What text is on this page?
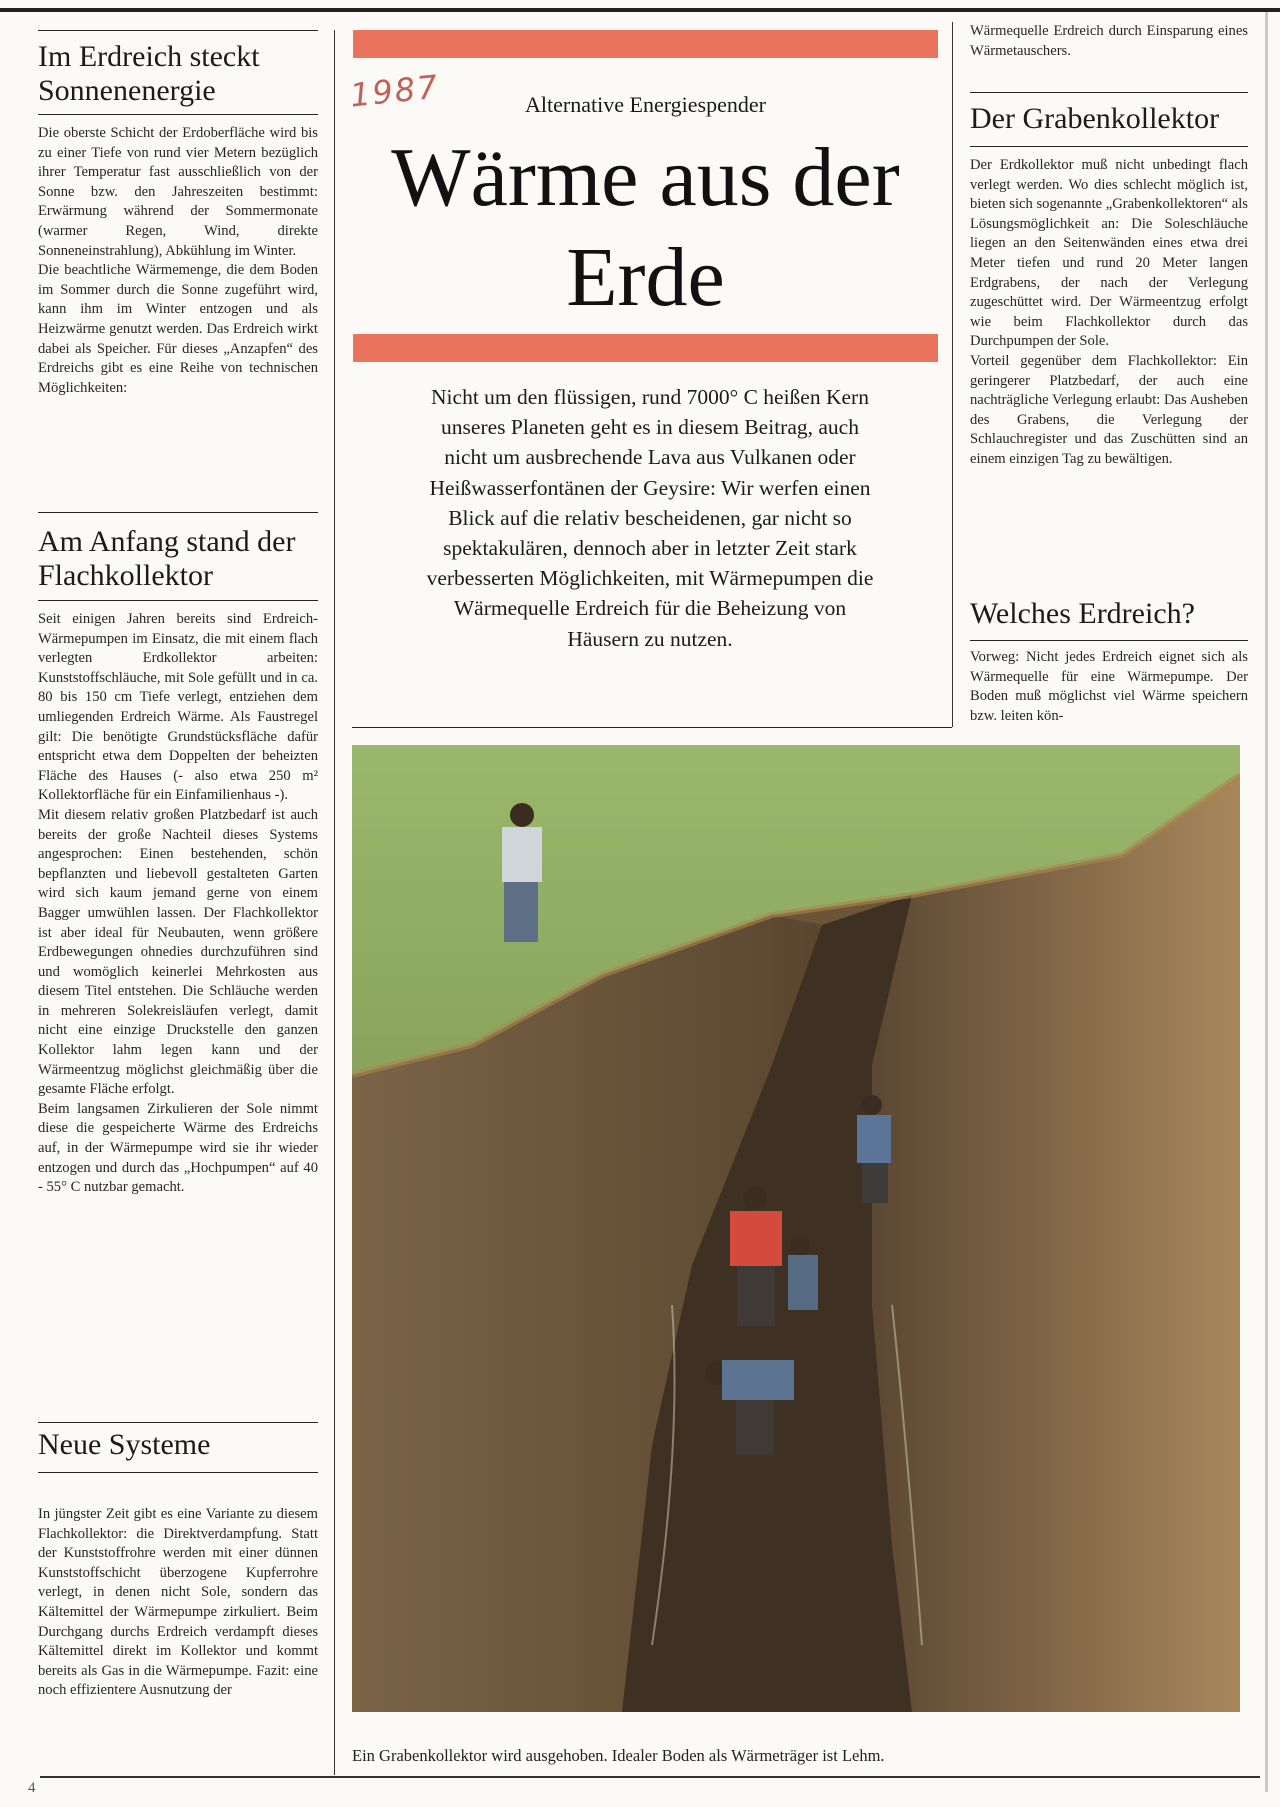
Im Erdreich steckt Sonnenenergie

Die oberste Schicht der Erdoberfläche wird bis zu einer Tiefe von rund vier Metern bezüglich ihrer Temperatur fast ausschließlich von der Sonne bzw. den Jahreszeiten bestimmt: Erwärmung während der Sommermonate (warmer Regen, Wind, direkte Sonneneinstrahlung), Abkühlung im Winter.

Die beachtliche Wärmemenge, die dem Boden im Sommer durch die Sonne zugeführt wird, kann ihm im Winter entzogen und als Heizwärme genutzt werden. Das Erdreich wirkt dabei als Speicher. Für dieses „Anzapfen“ des Erdreichs gibt es eine Reihe von technischen Möglichkeiten:

Am Anfang stand der Flachkollektor

Seit einigen Jahren bereits sind Erdreich-Wärmepumpen im Einsatz, die mit einem flach verlegten Erdkollektor arbeiten: Kunststoffschläuche, mit Sole gefüllt und in ca. 80 bis 150 cm Tiefe verlegt, entziehen dem umliegenden Erdreich Wärme. Als Faustregel gilt: Die benötigte Grundstücksfläche dafür entspricht etwa dem Doppelten der beheizten Fläche des Hauses (- also etwa 250 m² Kollektorfläche für ein Einfamilienhaus -).

Mit diesem relativ großen Platzbedarf ist auch bereits der große Nachteil dieses Systems angesprochen: Einen bestehenden, schön bepflanzten und liebevoll gestalteten Garten wird sich kaum jemand gerne von einem Bagger umwühlen lassen. Der Flachkollektor ist aber ideal für Neubauten, wenn größere Erdbewegungen ohnedies durchzuführen sind und womöglich keinerlei Mehrkosten aus diesem Titel entstehen. Die Schläuche werden in mehreren Solekreisläufen verlegt, damit nicht eine einzige Druckstelle den ganzen Kollektor lahm legen kann und der Wärmeentzug möglichst gleichmäßig über die gesamte Fläche erfolgt.

Beim langsamen Zirkulieren der Sole nimmt diese die gespeicherte Wärme des Erdreichs auf, in der Wärmepumpe wird sie ihr wieder entzogen und durch das „Hochpumpen“ auf 40 - 55° C nutzbar gemacht.

Neue Systeme

In jüngster Zeit gibt es eine Variante zu diesem Flachkollektor: die Direktverdampfung. Statt der Kunststoffrohre werden mit einer dünnen Kunststoffschicht überzogene Kupferrohre verlegt, in denen nicht Sole, sondern das Kältemittel der Wärmepumpe zirkuliert. Beim Durchgang durchs Erdreich verdampft dieses Kältemittel direkt im Kollektor und kommt bereits als Gas in die Wärmepumpe. Fazit: eine noch effizientere Ausnutzung der

1987	Alternative Energiespender
Wärme aus der Erde
Nicht um den flüssigen, rund 7000° C heißen Kern unseres Planeten geht es in diesem Beitrag, auch nicht um ausbrechende Lava aus Vulkanen oder Heißwasserfontänen der Geysire: Wir werfen einen Blick auf die relativ bescheidenen, gar nicht so spektakulären, dennoch aber in letzter Zeit stark verbesserten Möglichkeiten, mit Wärmepumpen die Wärmequelle Erdreich für die Beheizung von Häusern zu nutzen.
Wärmequelle Erdreich durch Einsparung eines Wärmetauschers.
Der Grabenkollektor

Der Erdkollektor muß nicht unbedingt flach verlegt werden. Wo dies schlecht möglich ist, bieten sich sogenannte „Grabenkollektoren“ als Lösungsmöglichkeit an: Die Soleschläuche liegen an den Seitenwänden eines etwa drei Meter tiefen und rund 20 Meter langen Erdgrabens, der nach der Verlegung zugeschüttet wird. Der Wärmeentzug erfolgt wie beim Flachkollektor durch das Durchpumpen der Sole.

Vorteil gegenüber dem Flachkollektor: Ein geringerer Platzbedarf, der auch eine nachträgliche Verlegung erlaubt: Das Ausheben des Grabens, die Verlegung der Schlauchregister und das Zuschütten sind an einem einzigen Tag zu bewältigen.

Welches Erdreich?

Vorweg: Nicht jedes Erdreich eignet sich als Wärmequelle für eine Wärmepumpe. Der Boden muß möglichst viel Wärme speichern bzw. leiten kön-

Ein Grabenkollektor wird ausgehoben. Idealer Boden als Wärmeträger ist Lehm.
4
